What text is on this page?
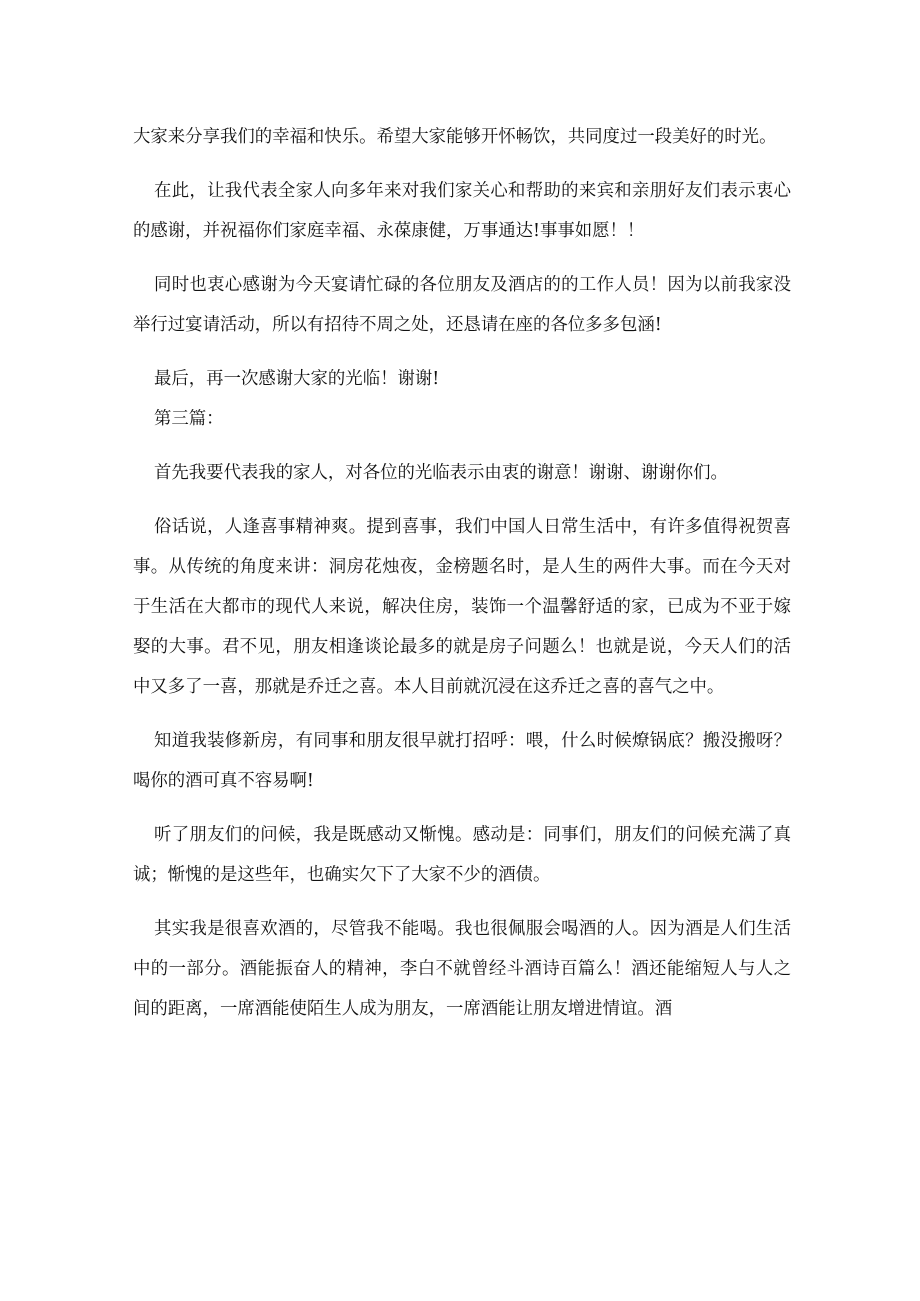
大家来分享我们的幸福和快乐。希望大家能够开怀畅饮，共同度过一段美好的时光。

在此，让我代表全家人向多年来对我们家关心和帮助的来宾和亲朋好友们表示衷心的感谢，并祝福你们家庭幸福、永葆康健，万事通达!事事如愿！！

同时也衷心感谢为今天宴请忙碌的各位朋友及酒店的的工作人员！因为以前我家没举行过宴请活动，所以有招待不周之处，还恳请在座的各位多多包涵!

最后，再一次感谢大家的光临！谢谢!

第三篇：

首先我要代表我的家人，对各位的光临表示由衷的谢意！谢谢、谢谢你们。

俗话说，人逢喜事精神爽。提到喜事，我们中国人日常生活中，有许多值得祝贺喜事。从传统的角度来讲：洞房花烛夜，金榜题名时，是人生的两件大事。而在今天对于生活在大都市的现代人来说，解决住房，装饰一个温馨舒适的家，已成为不亚于嫁娶的大事。君不见，朋友相逢谈论最多的就是房子问题么！也就是说，今天人们的活中又多了一喜，那就是乔迁之喜。本人目前就沉浸在这乔迁之喜的喜气之中。

知道我装修新房，有同事和朋友很早就打招呼：喂，什么时候燎锅底？搬没搬呀？喝你的酒可真不容易啊!

听了朋友们的问候，我是既感动又惭愧。感动是：同事们，朋友们的问候充满了真诚；惭愧的是这些年，也确实欠下了大家不少的酒债。

其实我是很喜欢酒的，尽管我不能喝。我也很佩服会喝酒的人。因为酒是人们生活中的一部分。酒能振奋人的精神，李白不就曾经斗酒诗百篇么！酒还能缩短人与人之间的距离，一席酒能使陌生人成为朋友，一席酒能让朋友增进情谊。酒
